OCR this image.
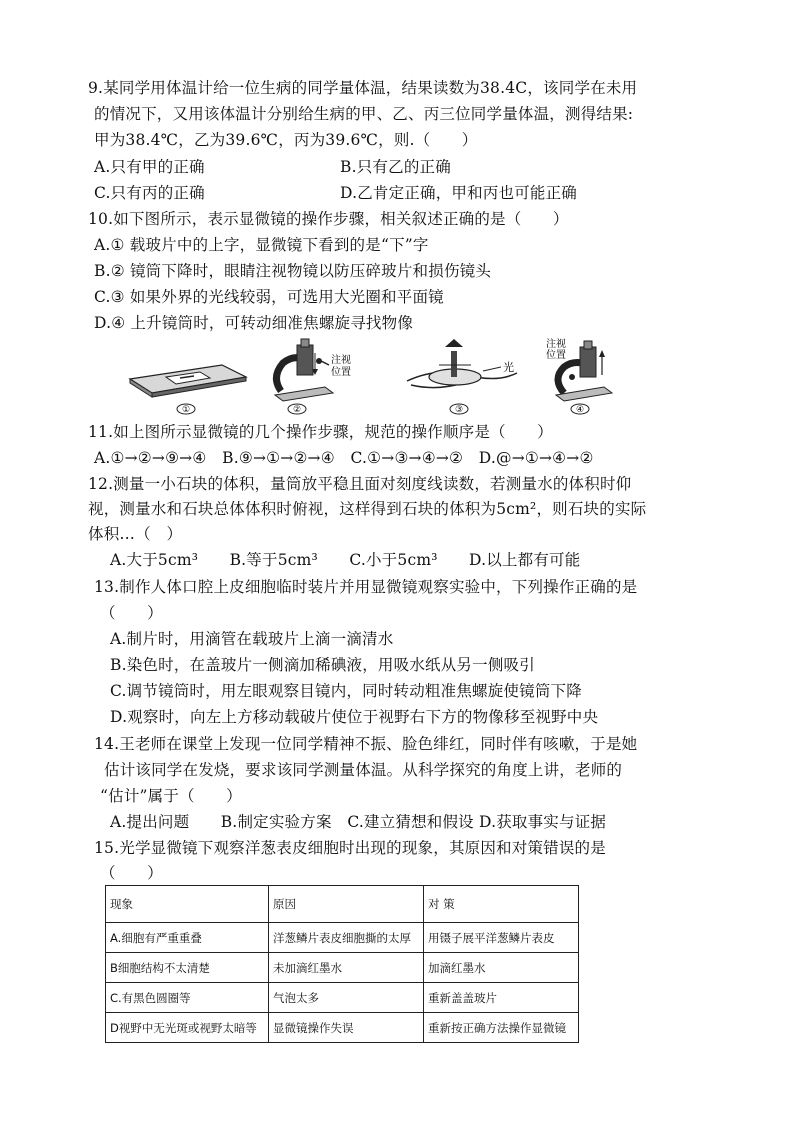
9.某同学用体温计给一位生病的同学量体温，结果读数为38.4C，该同学在未用
的情况下，又用该体温计分别给生病的甲、乙、丙三位同学量体温，测得结果:
甲为38.4℃，乙为39.6℃，丙为39.6℃，则.（　　）
A.只有甲的正确	B.只有乙的正确
C.只有丙的正确	D.乙肯定正确，甲和丙也可能正确
10.如下图所示，表示显微镜的操作步骤，相关叙述正确的是（　　）
A.① 载玻片中的上字，显微镜下看到的是“下”字
B.② 镜筒下降时，眼睛注视物镜以防压碎玻片和损伤镜头
C.③ 如果外界的光线较弱，可选用大光圈和平面镜
D.④ 上升镜筒时，可转动细准焦螺旋寻找物像
①
注视
位置
②
光
③
注视
位置
④
11.如上图所示显微镜的几个操作步骤，规范的操作顺序是（　　）
A.①→②→⑨→④　B.⑨→①→②→④　C.①→③→④→②　D.@→①→④→②
12.测量一小石块的体积，量筒放平稳且面对刻度线读数，若测量水的体积时仰
视，测量水和石块总体体积时俯视，这样得到石块的体积为5cm²，则石块的实际
体积…（　）
A.大于5cm³　　B.等于5cm³　　C.小于5cm³　　D.以上都有可能
13.制作人体口腔上皮细胞临时装片并用显微镜观察实验中，下列操作正确的是
（　　）
A.制片时，用滴管在载玻片上滴一滴清水
B.染色时，在盖玻片一侧滴加稀碘液，用吸水纸从另一侧吸引
C.调节镜筒时，用左眼观察目镜内，同时转动粗准焦螺旋使镜筒下降
D.观察时，向左上方移动载破片使位于视野右下方的物像移至视野中央
14.王老师在课堂上发现一位同学精神不振、脸色绯红，同时伴有咳嗽，于是她
估计该同学在发烧，要求该同学测量体温。从科学探究的角度上讲，老师的
“估计”属于（　　）
A.提出问题　　B.制定实验方案　C.建立猜想和假设 D.获取事实与证据
15.光学显微镜下观察洋葱表皮细胞时出现的现象，其原因和对策错误的是
（　　）
现象	原因	对 策
A.细胞有严重重叠	洋葱鳞片表皮细胞撕的太厚	用镊子展平洋葱鳞片表皮
B细胞结构不太清楚	未加滴红墨水	加滴红墨水
C.有黑色圆圈等	气泡太多	重新盖盖玻片
D视野中无光斑或视野太暗等	显微镜操作失误	重新按正确方法操作显微镜
